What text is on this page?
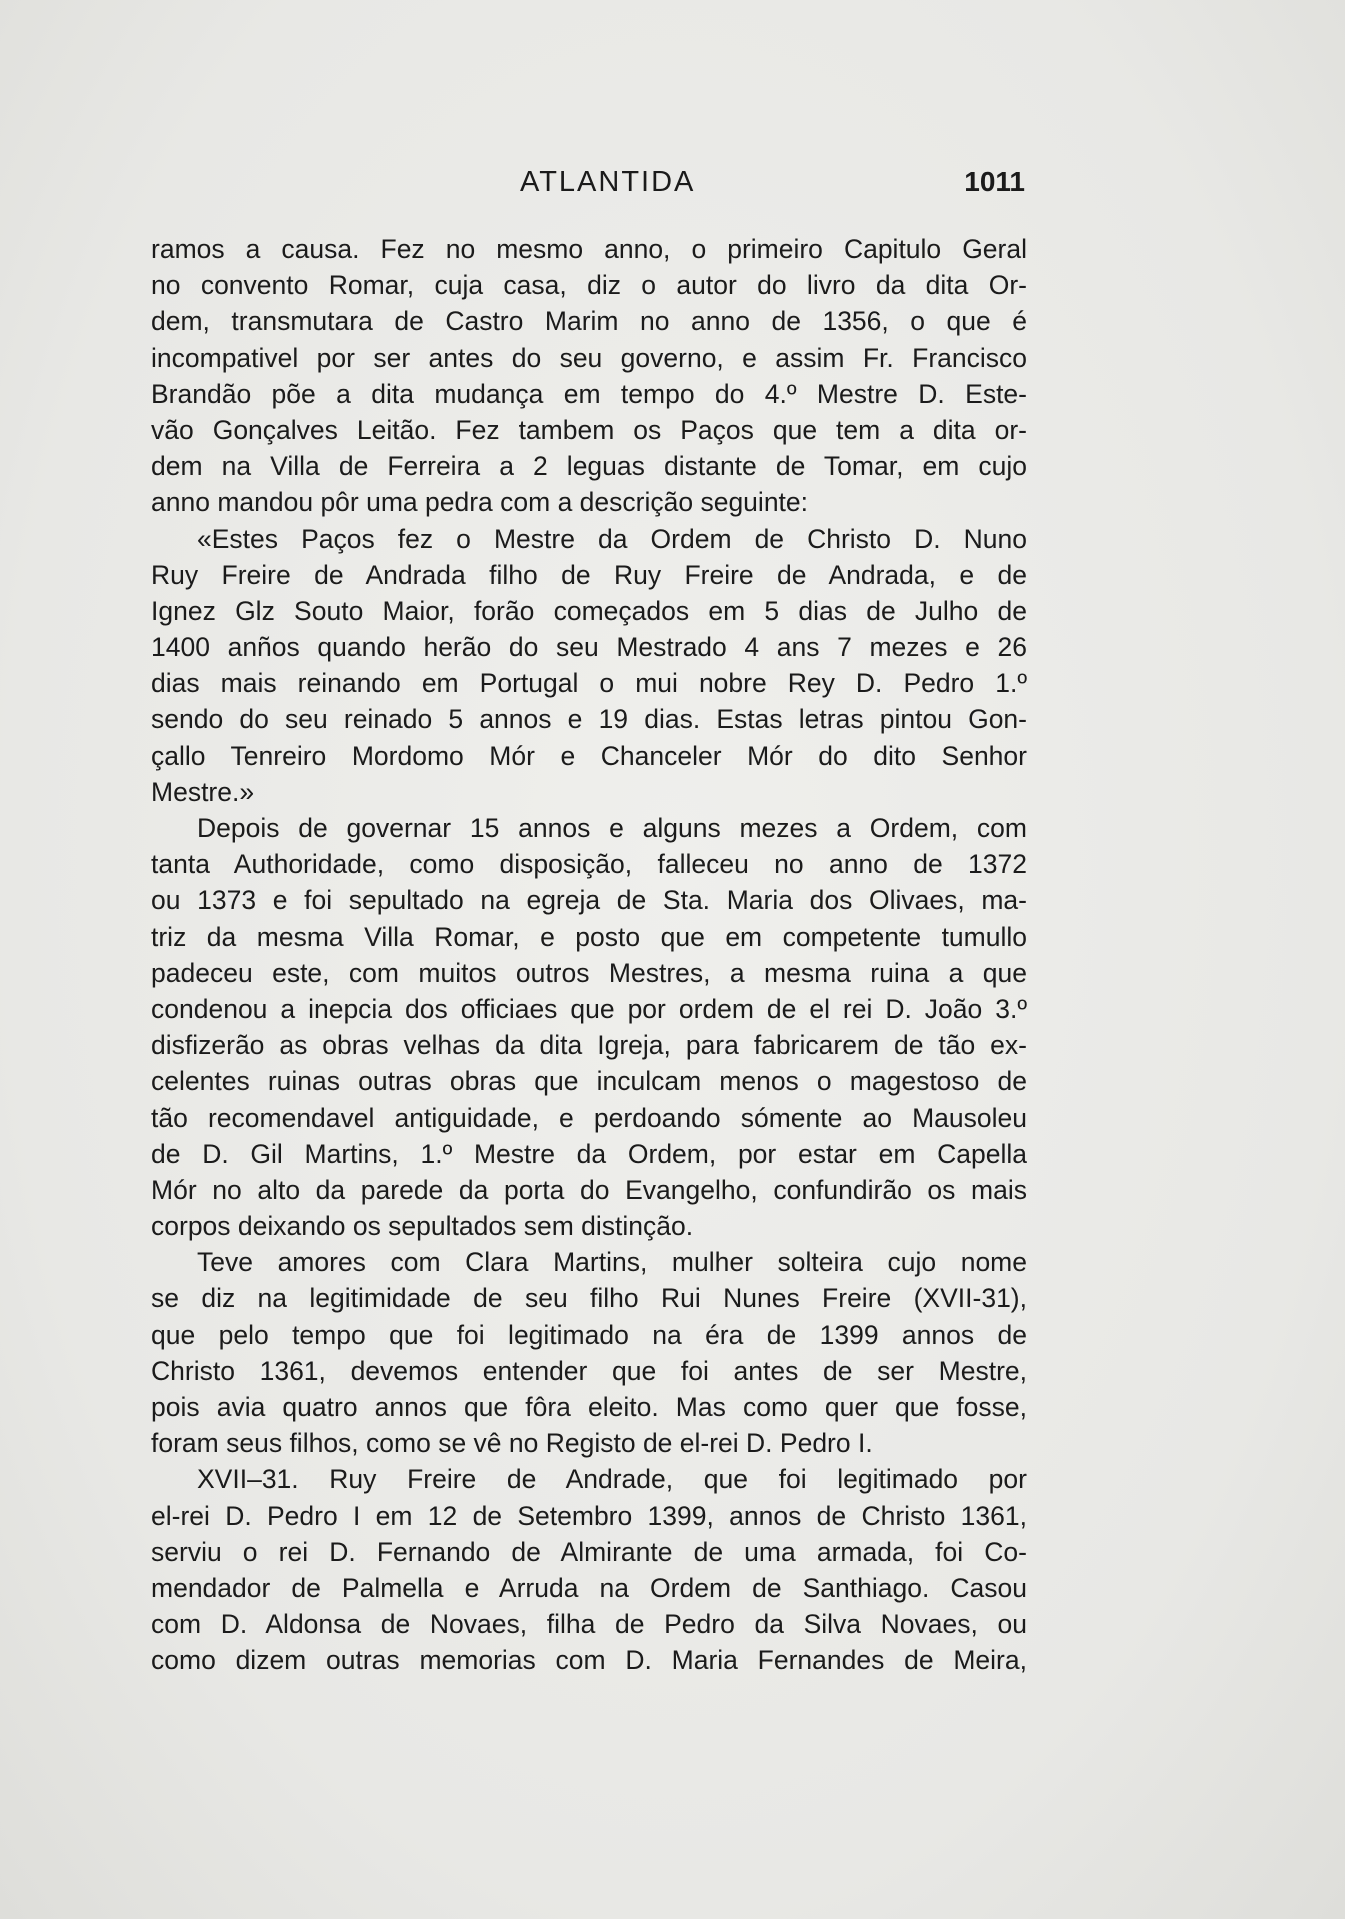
ATLANTIDA	1011
ramos a causa. Fez no mesmo anno, o primeiro Capitulo Geral
no convento Romar, cuja casa, diz o autor do livro da dita Or-
dem, transmutara de Castro Marim no anno de 1356, o que é
incompativel por ser antes do seu governo, e assim Fr. Francisco
Brandão põe a dita mudança em tempo do 4.º Mestre D. Este-
vão Gonçalves Leitão. Fez tambem os Paços que tem a dita or-
dem na Villa de Ferreira a 2 leguas distante de Tomar, em cujo
anno mandou pôr uma pedra com a descrição seguinte:
«Estes Paços fez o Mestre da Ordem de Christo D. Nuno
Ruy Freire de Andrada filho de Ruy Freire de Andrada, e de
Ignez Glz Souto Maior, forão começados em 5 dias de Julho de
1400 anños quando herão do seu Mestrado 4 ans 7 mezes e 26
dias mais reinando em Portugal o mui nobre Rey D. Pedro 1.º
sendo do seu reinado 5 annos e 19 dias. Estas letras pintou Gon-
çallo Tenreiro Mordomo Mór e Chanceler Mór do dito Senhor
Mestre.»
Depois de governar 15 annos e alguns mezes a Ordem, com
tanta Authoridade, como disposição, falleceu no anno de 1372
ou 1373 e foi sepultado na egreja de Sta. Maria dos Olivaes, ma-
triz da mesma Villa Romar, e posto que em competente tumullo
padeceu este, com muitos outros Mestres, a mesma ruina a que
condenou a inepcia dos officiaes que por ordem de el rei D. João 3.º
disfizerão as obras velhas da dita Igreja, para fabricarem de tão ex-
celentes ruinas outras obras que inculcam menos o magestoso de
tão recomendavel antiguidade, e perdoando sómente ao Mausoleu
de D. Gil Martins, 1.º Mestre da Ordem, por estar em Capella
Mór no alto da parede da porta do Evangelho, confundirão os mais
corpos deixando os sepultados sem distinção.
Teve amores com Clara Martins, mulher solteira cujo nome
se diz na legitimidade de seu filho Rui Nunes Freire (XVII-31),
que pelo tempo que foi legitimado na éra de 1399 annos de
Christo 1361, devemos entender que foi antes de ser Mestre,
pois avia quatro annos que fôra eleito. Mas como quer que fosse,
foram seus filhos, como se vê no Registo de el-rei D. Pedro I.
XVII–31. Ruy Freire de Andrade, que foi legitimado por
el-rei D. Pedro I em 12 de Setembro 1399, annos de Christo 1361,
serviu o rei D. Fernando de Almirante de uma armada, foi Co-
mendador de Palmella e Arruda na Ordem de Santhiago. Casou
com D. Aldonsa de Novaes, filha de Pedro da Silva Novaes, ou
como dizem outras memorias com D. Maria Fernandes de Meira,
